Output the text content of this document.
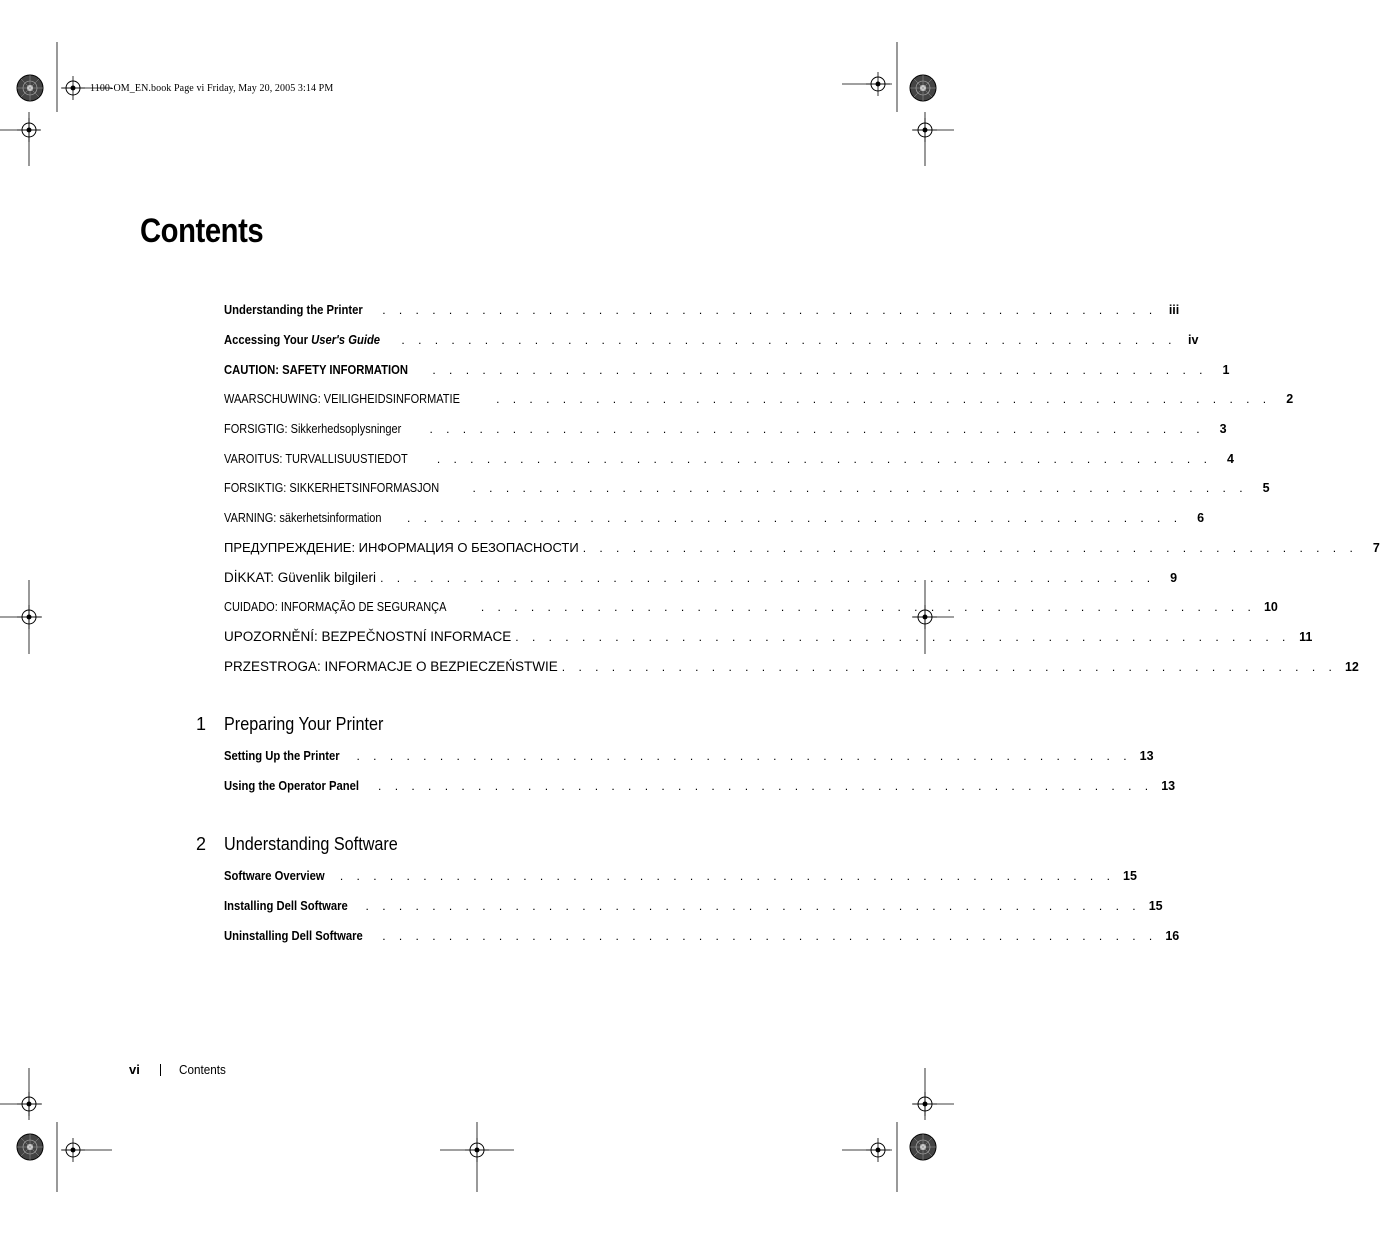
1100-OM_EN.book Page vi Friday, May 20, 2005 3:14 PM
Contents
Understanding the Printer . . . . . . . . . . . . . . . . . . . . . . . . . . . . . . . . . . . . . . . . . . . . . . . iii
Accessing Your User's Guide . . . . . . . . . . . . . . . . . . . . . . . . . . . . . . . . . . . . . . . . . . . . . . . iv
CAUTION: SAFETY INFORMATION . . . . . . . . . . . . . . . . . . . . . . . . . . . . . . . . . . . . . . . . . . . . . . .	1
WAARSCHUWING: VEILIGHEIDSINFORMATIE	. . . . . . . . . . . . . . . . . . . . . . . . . . . . . . . . . . . . . . . . . . . . . . .	2
FORSIGTIG: Sikkerhedsoplysninger . . . . . . . . . . . . . . . . . . . . . . . . . . . . . . . . . . . . . . . . . . . . . . .	3
VAROITUS: TURVALLISUUSTIEDOT . . . . . . . . . . . . . . . . . . . . . . . . . . . . . . . . . . . . . . . . . . . . . . .	4
FORSIKTIG: SIKKERHETSINFORMASJON	. . . . . . . . . . . . . . . . . . . . . . . . . . . . . . . . . . . . . . . . . . . . . . .	5
VARNING: säkerhetsinformation . . . . . . . . . . . . . . . . . . . . . . . . . . . . . . . . . . . . . . . . . . . . . . .	6
ПРЕДУПРЕЖДЕНИЕ: ИНФОРМАЦИЯ О БЕЗОПАСНОСТИ . . . . . . . . . . . . . . . . . . . . . . . . . . . . . . . . . . . . . . . . . . . . . . .	7
DİKKAT: Güvenlik bilgileri . . . . . . . . . . . . . . . . . . . . . . . . . . . . . . . . . . . . . . . . . . . . . . .	9
CUIDADO: INFORMAÇÃO DE SEGURANÇA	. . . . . . . . . . . . . . . . . . . . . . . . . . . . . . . . . . . . . . . . . . . . . . . 10
UPOZORNĚNÍ: BEZPEČNOSTNÍ INFORMACE . . . . . . . . . . . . . . . . . . . . . . . . . . . . . . . . . . . . . . . . . . . . . . . 11
PRZESTROGA: INFORMACJE O BEZPIECZEŃSTWIE . . . . . . . . . . . . . . . . . . . . . . . . . . . . . . . . . . . . . . . . . . . . . . . 12
1 Preparing Your Printer
Setting Up the Printer . . . . . . . . . . . . . . . . . . . . . . . . . . . . . . . . . . . . . . . . . . . . . . . 13
Using the Operator Panel . . . . . . . . . . . . . . . . . . . . . . . . . . . . . . . . . . . . . . . . . . . . . . . 13
2 Understanding Software
Software Overview . . . . . . . . . . . . . . . . . . . . . . . . . . . . . . . . . . . . . . . . . . . . . . . 15
Installing Dell Software . . . . . . . . . . . . . . . . . . . . . . . . . . . . . . . . . . . . . . . . . . . . . . . 15
Uninstalling Dell Software . . . . . . . . . . . . . . . . . . . . . . . . . . . . . . . . . . . . . . . . . . . . . . . 16
vi	Contents
